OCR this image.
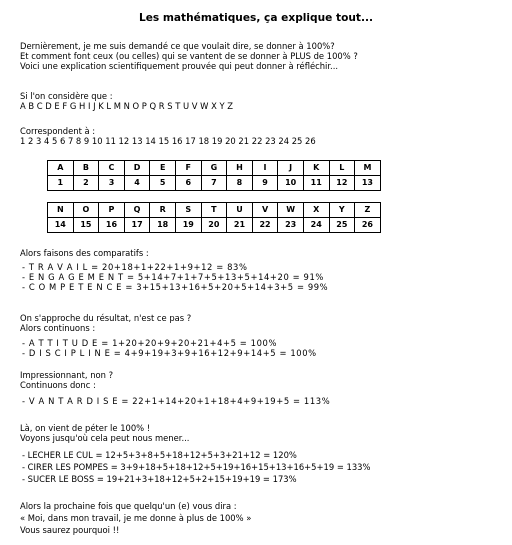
Les mathématiques, ça explique tout...
Dernièrement, je me suis demandé ce que voulait dire, se donner à 100%?
Et comment font ceux (ou celles) qui se vantent de se donner à PLUS de 100% ?
Voici une explication scientifiquement prouvée qui peut donner à réfléchir...
Si l'on considère que :
A B C D E F G H I J K L M N O P Q R S T U V W X Y Z
Correspondent à :
1 2 3 4 5 6 7 8 9 10 11 12 13 14 15 16 17 18 19 20 21 22 23 24 25 26
A	B	C	D	E	F	G	H	I	J	K	L	M
1	2	3	4	5	6	7	8	9	10	11	12	13
N	O	P	Q	R	S	T	U	V	W	X	Y	Z
14	15	16	17	18	19	20	21	22	23	24	25	26
Alors faisons des comparatifs :
- T R A V A I L = 20+18+1+22+1+9+12 = 83%
- E N G A G E M E N T = 5+14+7+1+7+5+13+5+14+20 = 91%
- C O M P E T E N C E = 3+15+13+16+5+20+5+14+3+5 = 99%
On s'approche du résultat, n'est ce pas ?
Alors continuons :
- A T T I T U D E = 1+20+20+9+20+21+4+5 = 100%
- D I S C I P L I N E = 4+9+19+3+9+16+12+9+14+5 = 100%
Impressionnant, non ?
Continuons donc :
- V A N T A R D I S E = 22+1+14+20+1+18+4+9+19+5 = 113%
Là, on vient de péter le 100% !
Voyons jusqu'où cela peut nous mener...
- LECHER LE CUL = 12+5+3+8+5+18+12+5+3+21+12 = 120%
- CIRER LES POMPES = 3+9+18+5+18+12+5+19+16+15+13+16+5+19 = 133%
- SUCER LE BOSS = 19+21+3+18+12+5+2+15+19+19 = 173%
Alors la prochaine fois que quelqu'un (e) vous dira :
« Moi, dans mon travail, je me donne à plus de 100% »
Vous saurez pourquoi !!
